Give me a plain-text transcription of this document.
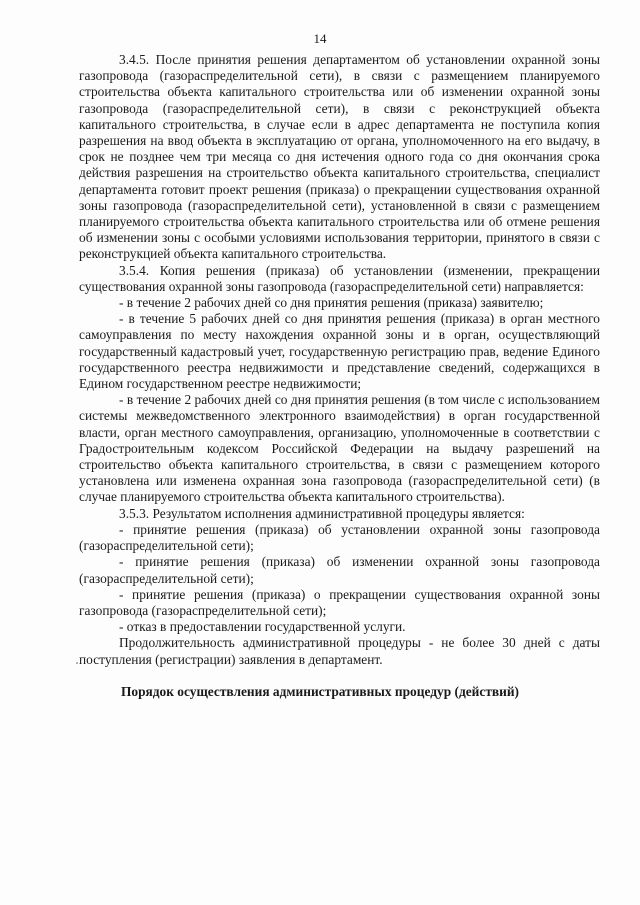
14

3.4.5. После принятия решения департаментом об установлении охранной зоны газопровода (газораспределительной сети), в связи с размещением планируемого строительства объекта капитального строительства или об изменении охранной зоны газопровода (газораспределительной сети), в связи с реконструкцией объекта капитального строительства, в случае если в адрес департамента не поступила копия разрешения на ввод объекта в эксплуатацию от органа, уполномоченного на его выдачу, в срок не позднее чем три месяца со дня истечения одного года со дня окончания срока действия разрешения на строительство объекта капитального строительства, специалист департамента готовит проект решения (приказа) о прекращении существования охранной зоны газопровода (газораспределительной сети), установленной в связи с размещением планируемого строительства объекта капитального строительства или об отмене решения об изменении зоны с особыми условиями использования территории, принятого в связи с реконструкцией объекта капитального строительства.

3.5.4. Копия решения (приказа) об установлении (изменении, прекращении существования охранной зоны газопровода (газораспределительной сети) направляется:

- в течение 2 рабочих дней со дня принятия решения (приказа) заявителю;

- в течение 5 рабочих дней со дня принятия решения (приказа) в орган местного самоуправления по месту нахождения охранной зоны и в орган, осуществляющий государственный кадастровый учет, государственную регистрацию прав, ведение Единого государственного реестра недвижимости и представление сведений, содержащихся в Едином государственном реестре недвижимости;

- в течение 2 рабочих дней со дня принятия решения (в том числе с использованием системы межведомственного электронного взаимодействия) в орган государственной власти, орган местного самоуправления, организацию, уполномоченные в соответствии с Градостроительным кодексом Российской Федерации на выдачу разрешений на строительство объекта капитального строительства, в связи с размещением которого установлена или изменена охранная зона газопровода (газораспределительной сети) (в случае планируемого строительства объекта капитального строительства).

3.5.3. Результатом исполнения административной процедуры является:

- принятие решения (приказа) об установлении охранной зоны газопровода (газораспределительной сети);

- принятие решения (приказа) об изменении охранной зоны газопровода (газораспределительной сети);

- принятие решения (приказа) о прекращении существования охранной зоны газопровода (газораспределительной сети);

- отказ в предоставлении государственной услуги.

Продолжительность административной процедуры - не более 30 дней с даты поступления (регистрации) заявления в департамент.

Порядок осуществления административных процедур (действий)
